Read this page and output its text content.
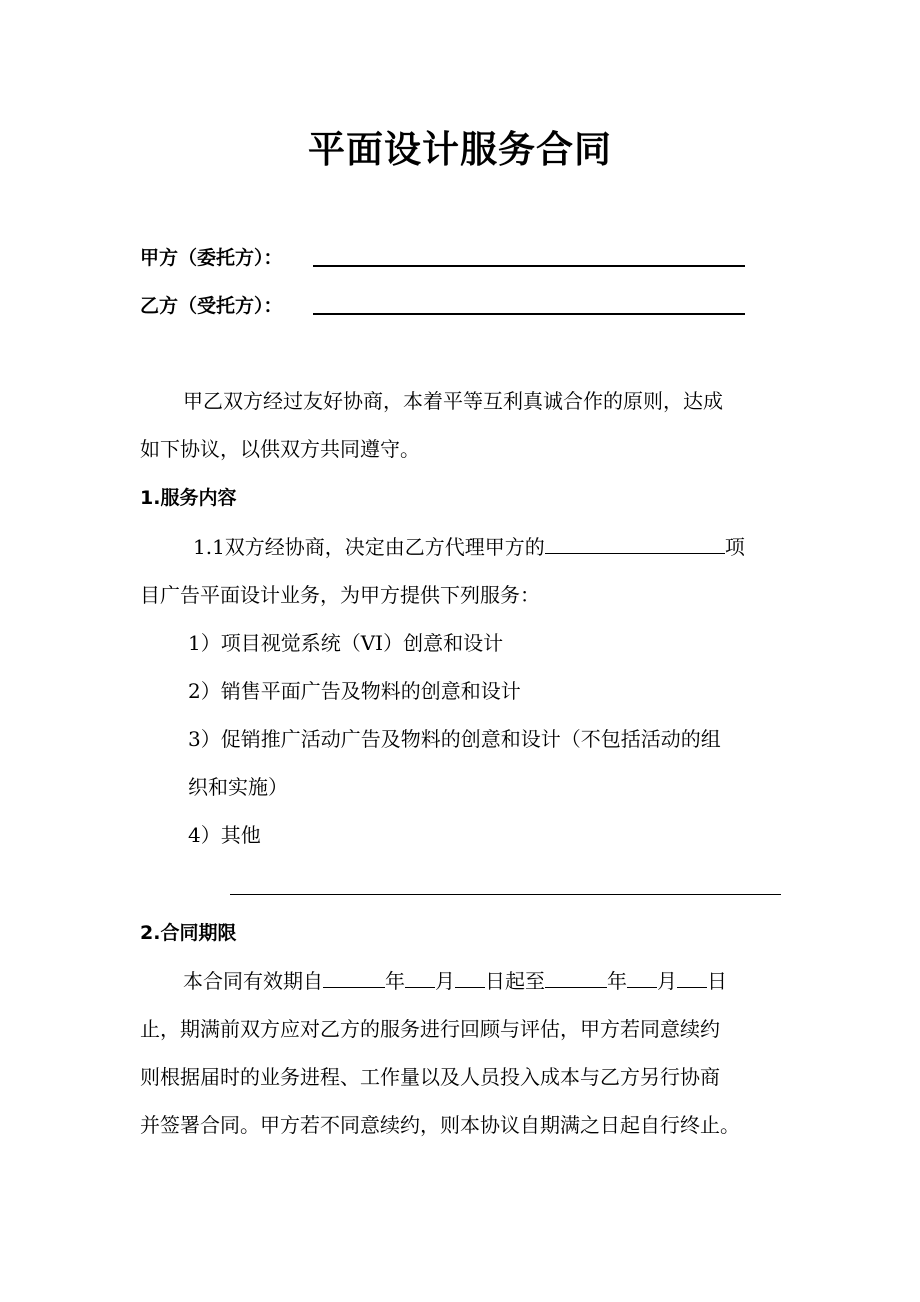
平面设计服务合同
甲方（委托方）：
乙方（受托方）：
甲乙双方经过友好协商，本着平等互利真诚合作的原则，达成
如下协议，以供双方共同遵守。
1.服务内容
1.1双方经协商，决定由乙方代理甲方的	项
目广告平面设计业务，为甲方提供下列服务：
1）项目视觉系统（VI）创意和设计
2）销售平面广告及物料的创意和设计
3）促销推广活动广告及物料的创意和设计（不包括活动的组
织和实施）
4）其他
2.合同期限
本合同有效期自	年 月 日起至	年 月 日
止，期满前双方应对乙方的服务进行回顾与评估，甲方若同意续约
则根据届时的业务进程、工作量以及人员投入成本与乙方另行协商
并签署合同。甲方若不同意续约，则本协议自期满之日起自行终止。
